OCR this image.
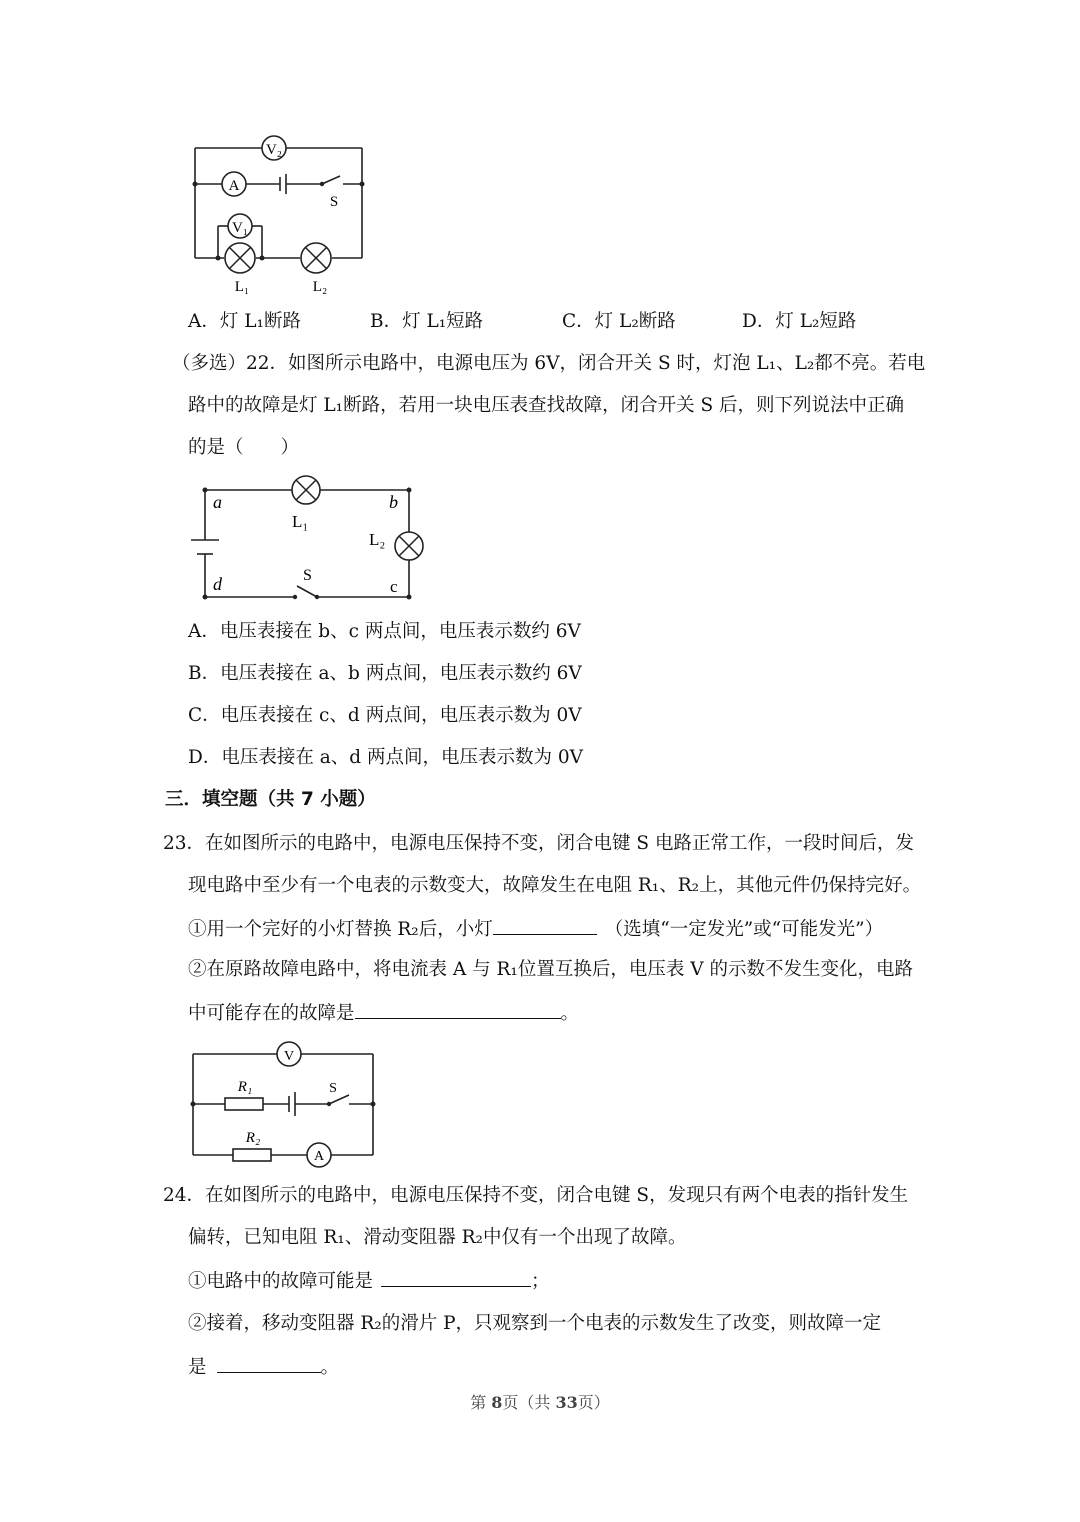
V₂
A
S
V₁
L₁	L₂
A．灯 L₁断路	B．灯 L₁短路	C．灯 L₂断路	D．灯 L₂短路
（多选）22．如图所示电路中，电源电压为 6V，闭合开关 S 时，灯泡 L₁、L₂都不亮。若电
路中的故障是灯 L₁断路，若用一块电压表查找故障，闭合开关 S 后，则下列说法中正确
的是（　　）
a	b
d	c
L₁
L₂
S
A．电压表接在 b、c 两点间，电压表示数约 6V
B．电压表接在 a、b 两点间，电压表示数约 6V
C．电压表接在 c、d 两点间，电压表示数为 0V
D．电压表接在 a、d 两点间，电压表示数为 0V
三．填空题（共 7 小题）
23．在如图所示的电路中，电源电压保持不变，闭合电键 S 电路正常工作，一段时间后，发
现电路中至少有一个电表的示数变大，故障发生在电阻 R₁、R₂上，其他元件仍保持完好。
①用一个完好的小灯替换 R₂后，小灯	（选填“一定发光”或“可能发光”）
②在原路故障电路中，将电流表 A 与 R₁位置互换后，电压表 V 的示数不发生变化，电路
中可能存在的故障是	。
V
R₁	S
R₂
A
24．在如图所示的电路中，电源电压保持不变，闭合电键 S，发现只有两个电表的指针发生
偏转，已知电阻 R₁、滑动变阻器 R₂中仅有一个出现了故障。
①电路中的故障可能是	；
②接着，移动变阻器 R₂的滑片 P，只观察到一个电表的示数发生了改变，则故障一定
是	。
第 8页（共 33页）
